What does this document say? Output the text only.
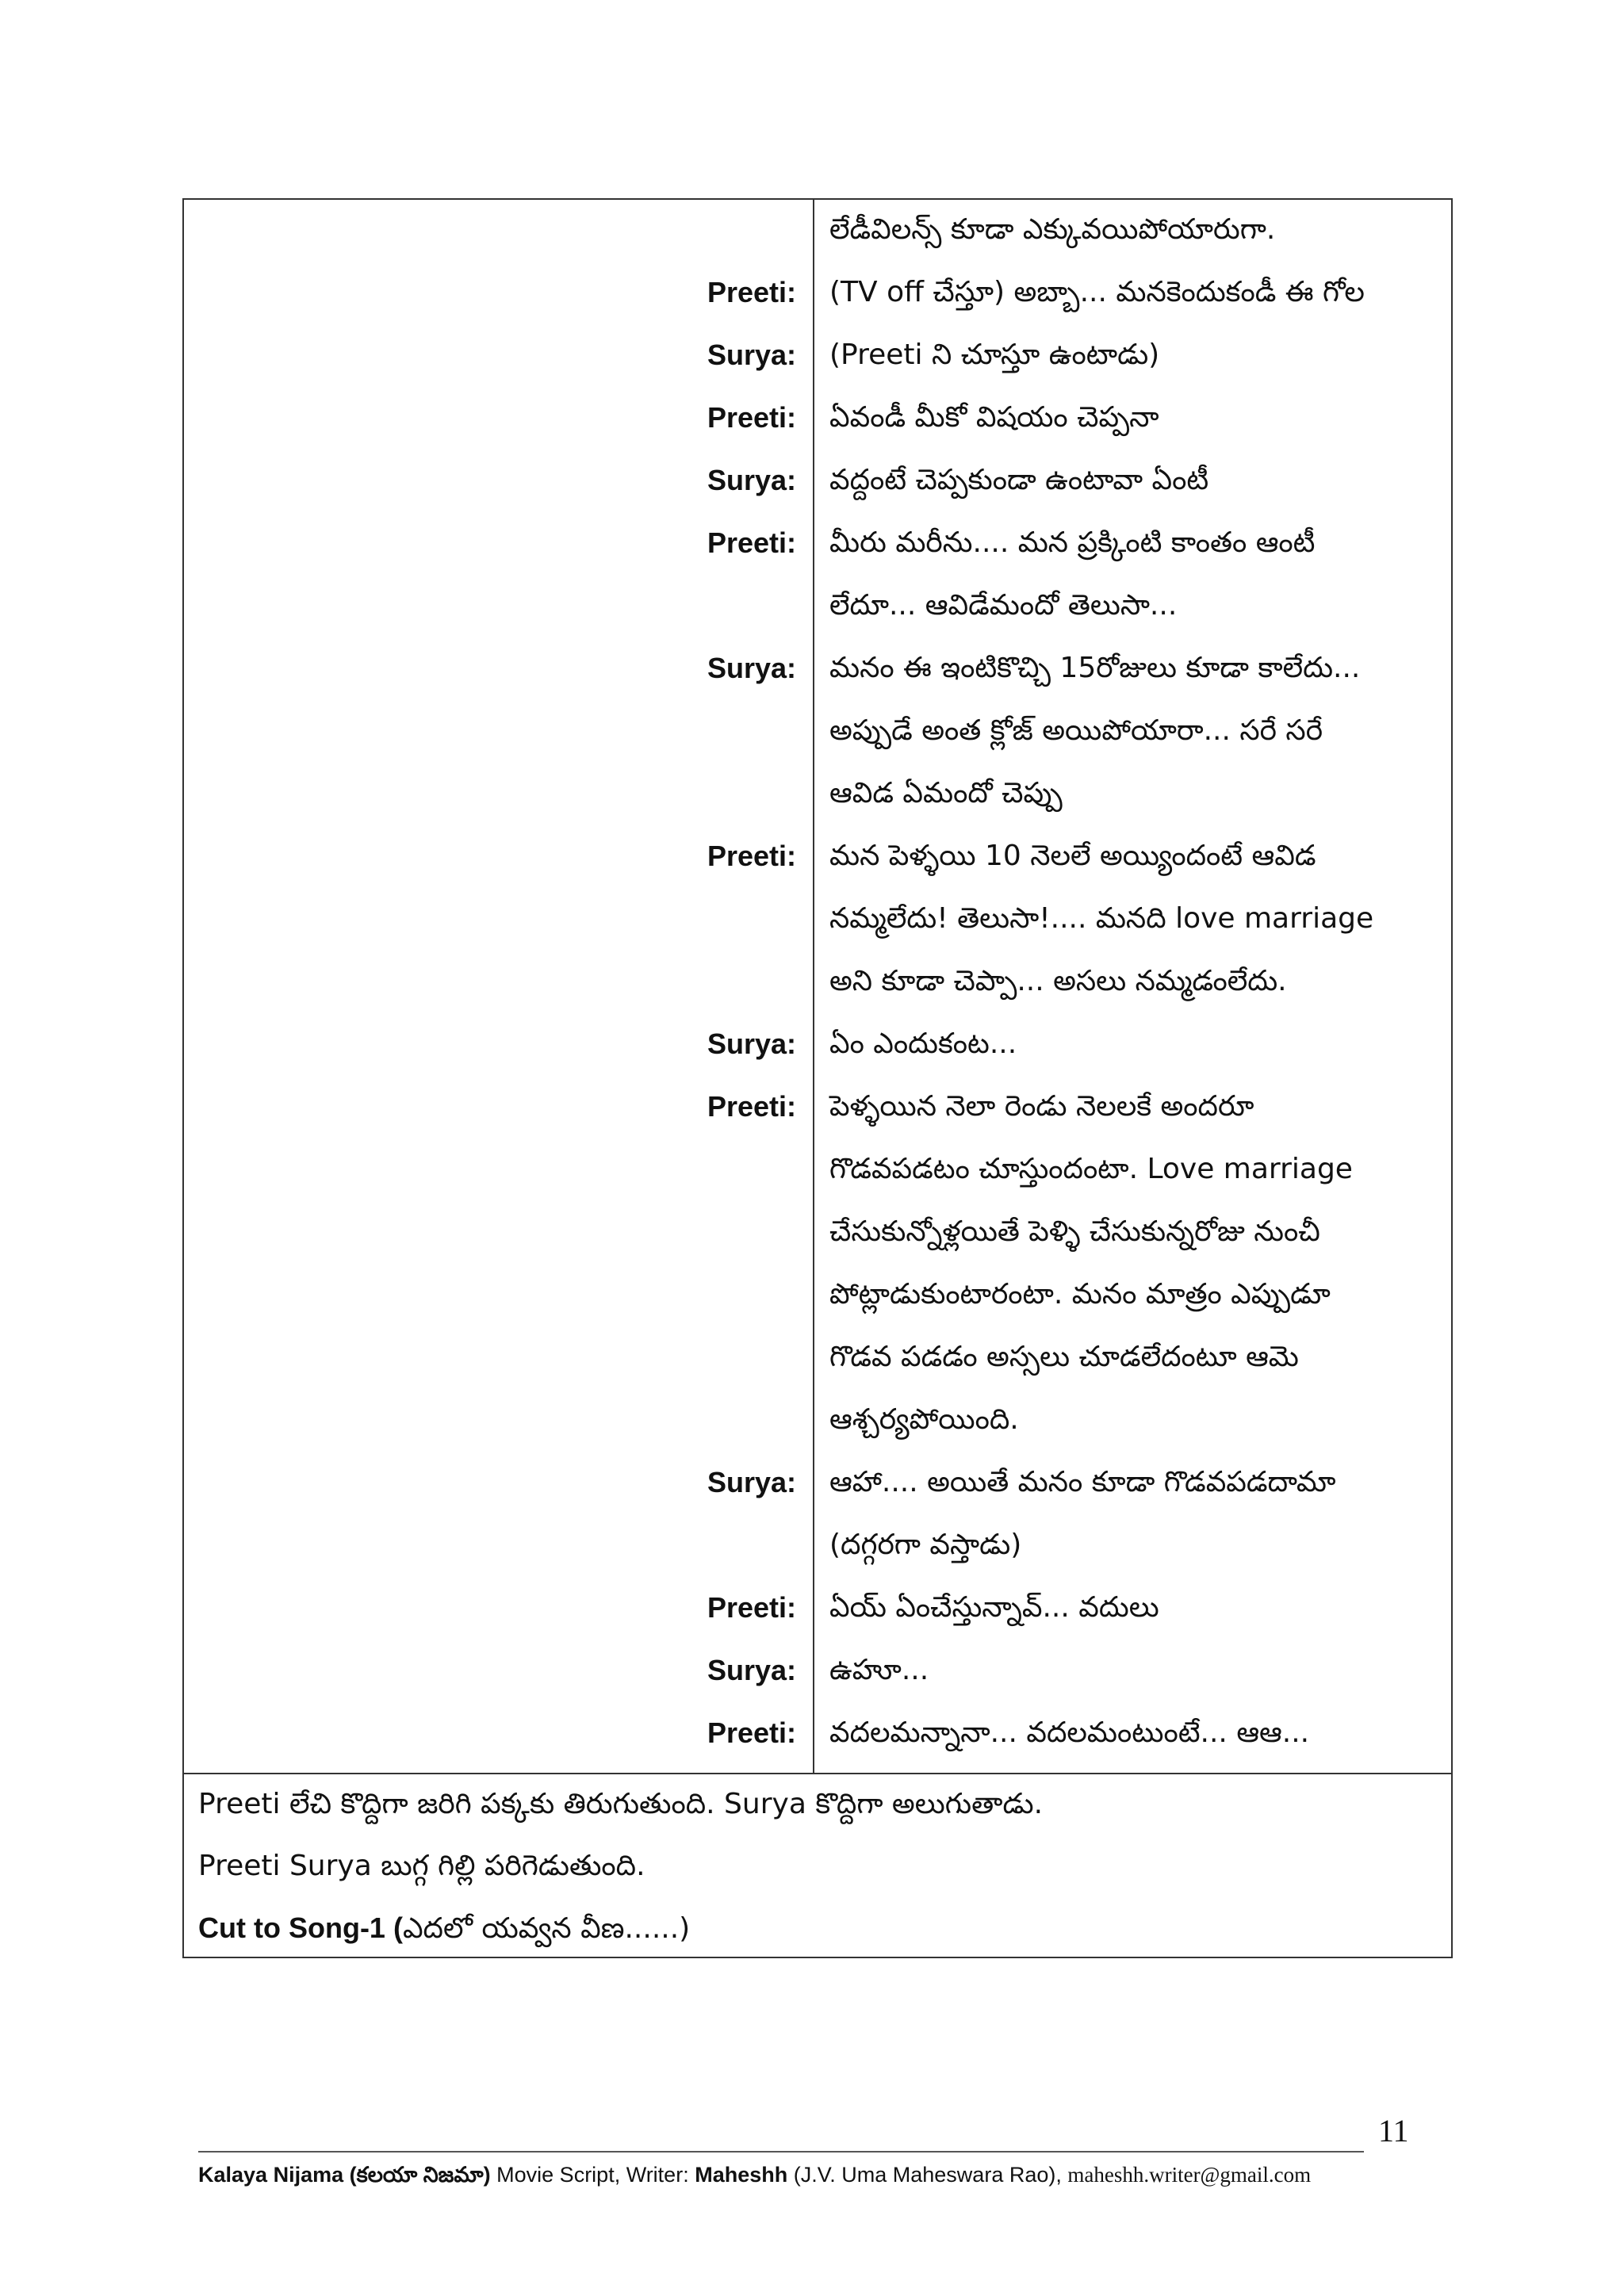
లేడీవిలన్స్ కూడా ఎక్కువయిపోయారుగా.
Preeti: (TV off చేస్తూ) అబ్బా... మనకెందుకండీ ఈ గోల
Surya: (Preeti ని చూస్తూ ఉంటాడు)
Preeti: ఏవండీ మీకో విషయం చెప్పనా
Surya: వద్దంటే చెప్పకుండా ఉంటావా ఏంటీ
Preeti: మీరు మరీను.... మన ప్రక్కింటి కాంతం ఆంటీ
లేదూ... ఆవిడేమందో తెలుసా...
Surya: మనం ఈ ఇంటికొచ్చి 15రోజులు కూడా కాలేదు...
అప్పుడే అంత క్లోజ్ అయిపోయారా... సరే సరే
ఆవిడ ఏమందో చెప్పు
Preeti: మన పెళ్ళయి 10 నెలలే అయ్యిందంటే ఆవిడ
నమ్మలేదు! తెలుసా!.... మనది love marriage
అని కూడా చెప్పా... అసలు నమ్మడంలేదు.
Surya: ఏం ఎందుకంట...
Preeti: పెళ్ళయిన నెలా రెండు నెలలకే అందరూ
గొడవపడటం చూస్తుందంటా. Love marriage
చేసుకున్నోళ్లయితే పెళ్ళి చేసుకున్నరోజు నుంచీ
పోట్లాడుకుంటారంటా. మనం మాత్రం ఎప్పుడూ
గొడవ పడడం అస్సలు చూడలేదంటూ ఆమె
ఆశ్చర్యపోయింది.
Surya: ఆహా.... అయితే మనం కూడా గొడవపడదామా
(దగ్గరగా వస్తాడు)
Preeti: ఏయ్ ఏంచేస్తున్నావ్... వదులు
Surya: ఉహూ...
Preeti: వదలమన్నానా... వదలమంటుంటే... ఆఆ...
Preeti లేచి కొద్దిగా జరిగి పక్కకు తిరుగుతుంది. Surya కొద్దిగా అలుగుతాడు.
Preeti Surya బుగ్గ గిల్లి పరిగెడుతుంది.
Cut to Song-1 (ఎదలో యవ్వన వీణ......)
11
Kalaya Nijama (కలయా నిజమా) Movie Script, Writer: Maheshh (J.V. Uma Maheswara Rao), maheshh.writer@gmail.com
